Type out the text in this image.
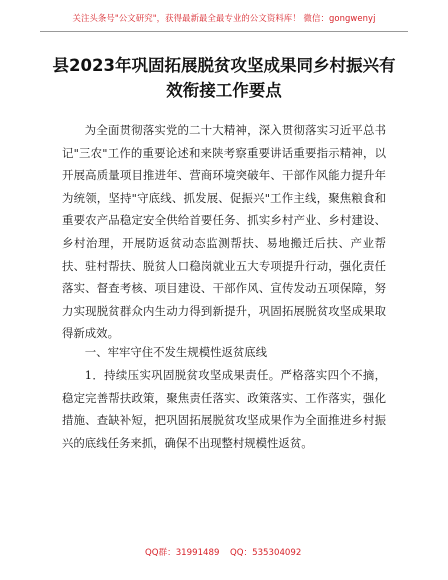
关注头条号"公文研究"，获得最新最全最专业的公文资料库！ 微信：gongwenyj
县2023年巩固拓展脱贫攻坚成果同乡村振兴有效衔接工作要点

为全面贯彻落实党的二十大精神，深入贯彻落实习近平总书记"三农"工作的重要论述和来陕考察重要讲话重要指示精神，以开展高质量项目推进年、营商环境突破年、干部作风能力提升年为统领，坚持"守底线、抓发展、促振兴"工作主线，聚焦粮食和重要农产品稳定安全供给首要任务、抓实乡村产业、乡村建设、乡村治理，开展防返贫动态监测帮扶、易地搬迁后扶、产业帮扶、驻村帮扶、脱贫人口稳岗就业五大专项提升行动，强化责任落实、督查考核、项目建设、干部作风、宣传发动五项保障，努力实现脱贫群众内生动力得到新提升，巩固拓展脱贫攻坚成果取得新成效。

一、牢牢守住不发生规模性返贫底线

1．持续压实巩固脱贫攻坚成果责任。严格落实四个不摘，稳定完善帮扶政策，聚焦责任落实、政策落实、工作落实，强化措施、查缺补短，把巩固拓展脱贫攻坚成果作为全面推进乡村振兴的底线任务来抓，确保不出现整村规模性返贫。

QQ群：31991489 QQ：535304092
